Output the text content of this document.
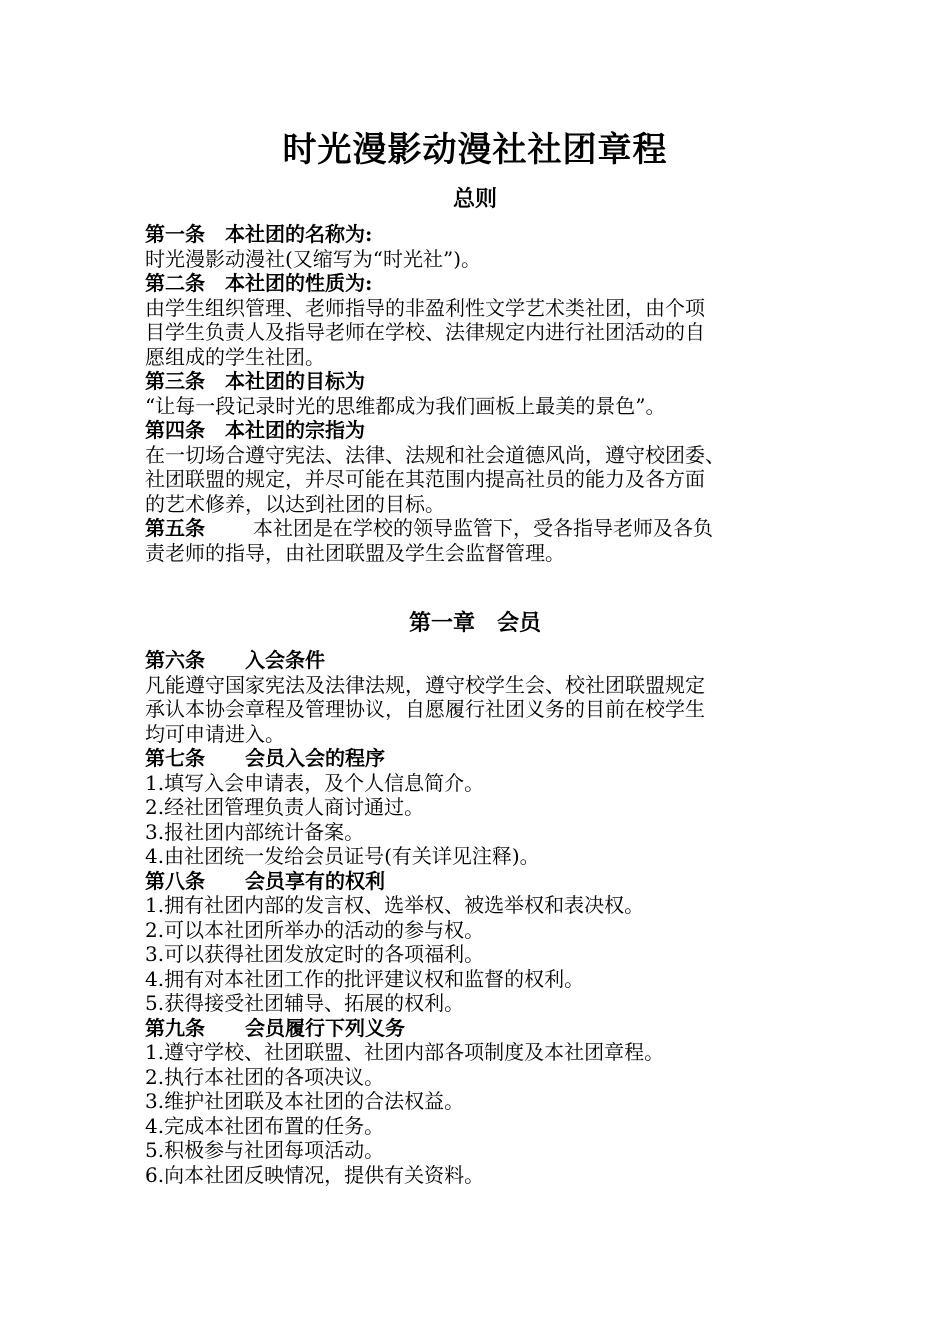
时光漫影动漫社社团章程
总则
第一条　本社团的名称为:
时光漫影动漫社(又缩写为“时光社”)。
第二条　本社团的性质为:
由学生组织管理、老师指导的非盈利性文学艺术类社团，由个项
目学生负责人及指导老师在学校、法律规定内进行社团活动的自
愿组成的学生社团。
第三条　本社团的目标为
“让每一段记录时光的思维都成为我们画板上最美的景色”。
第四条　本社团的宗指为
在一切场合遵守宪法、法律、法规和社会道德风尚，遵守校团委、
社团联盟的规定，并尽可能在其范围内提高社员的能力及各方面
的艺术修养，以达到社团的目标。
第五条 本社团是在学校的领导监管下，受各指导老师及各负
责老师的指导，由社团联盟及学生会监督管理。
第一章　会员
第六条　　入会条件
凡能遵守国家宪法及法律法规，遵守校学生会、校社团联盟规定
承认本协会章程及管理协议，自愿履行社团义务的目前在校学生
均可申请进入。
第七条　　会员入会的程序
1.填写入会申请表，及个人信息简介。
2.经社团管理负责人商讨通过。
3.报社团内部统计备案。
4.由社团统一发给会员证号(有关详见注释)。
第八条　　会员享有的权利
1.拥有社团内部的发言权、选举权、被选举权和表决权。
2.可以本社团所举办的活动的参与权。
3.可以获得社团发放定时的各项福利。
4.拥有对本社团工作的批评建议权和监督的权利。
5.获得接受社团辅导、拓展的权利。
第九条　　会员履行下列义务
1.遵守学校、社团联盟、社团内部各项制度及本社团章程。
2.执行本社团的各项决议。
3.维护社团联及本社团的合法权益。
4.完成本社团布置的任务。
5.积极参与社团每项活动。
6.向本社团反映情况，提供有关资料。
